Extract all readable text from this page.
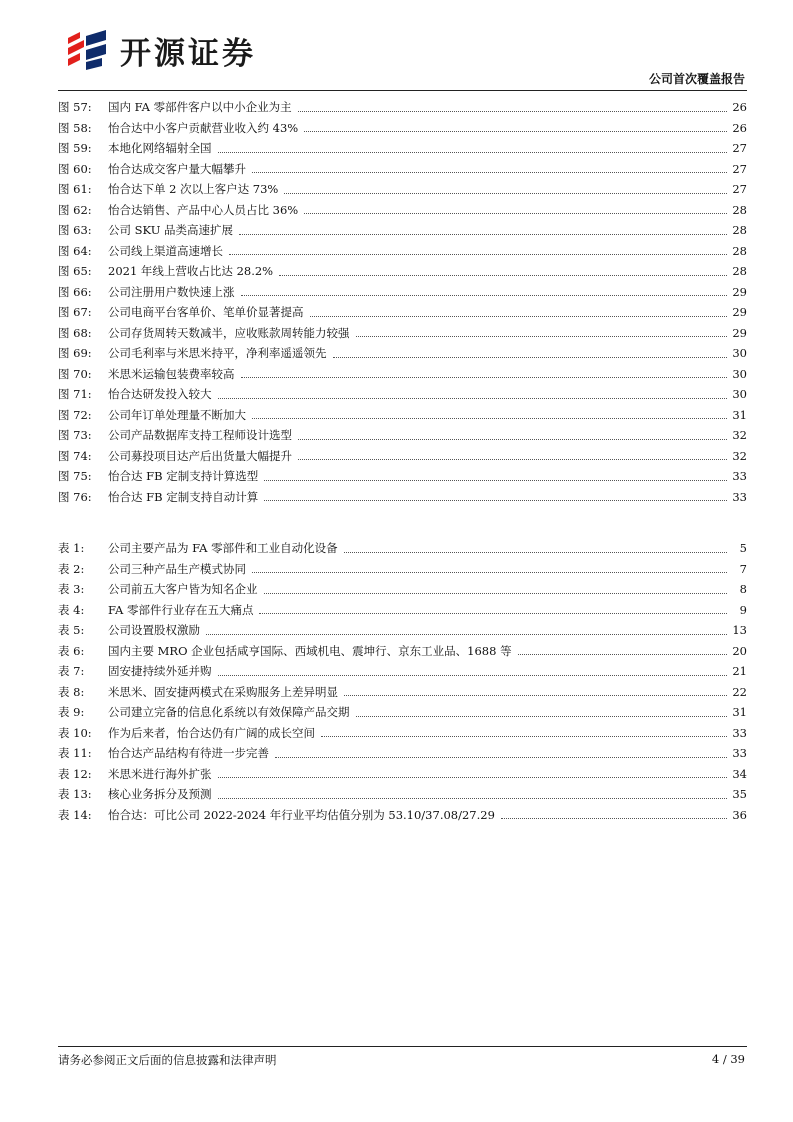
开源证券
公司首次覆盖报告
图 57:	国内 FA 零部件客户以中小企业为主	26
图 58:	怡合达中小客户贡献营业收入约 43%	26
图 59:	本地化网络辐射全国	27
图 60:	怡合达成交客户量大幅攀升	27
图 61:	怡合达下单 2 次以上客户达 73%	27
图 62:	怡合达销售、产品中心人员占比 36%	28
图 63:	公司 SKU 品类高速扩展	28
图 64:	公司线上渠道高速增长	28
图 65:	2021 年线上营收占比达 28.2%	28
图 66:	公司注册用户数快速上涨	29
图 67:	公司电商平台客单价、笔单价显著提高	29
图 68:	公司存货周转天数减半，应收账款周转能力较强	29
图 69:	公司毛利率与米思米持平，净利率遥遥领先	30
图 70:	米思米运输包装费率较高	30
图 71:	怡合达研发投入较大	30
图 72:	公司年订单处理量不断加大	31
图 73:	公司产品数据库支持工程师设计选型	32
图 74:	公司募投项目达产后出货量大幅提升	32
图 75:	怡合达 FB 定制支持计算选型	33
图 76:	怡合达 FB 定制支持自动计算	33
表 1:	公司主要产品为 FA 零部件和工业自动化设备	5
表 2:	公司三种产品生产模式协同	7
表 3:	公司前五大客户皆为知名企业	8
表 4:	FA 零部件行业存在五大痛点	9
表 5:	公司设置股权激励	13
表 6:	国内主要 MRO 企业包括咸亨国际、西域机电、震坤行、京东工业品、1688 等	20
表 7:	固安捷持续外延并购	21
表 8:	米思米、固安捷两模式在采购服务上差异明显	22
表 9:	公司建立完备的信息化系统以有效保障产品交期	31
表 10:	作为后来者，怡合达仍有广阔的成长空间	33
表 11:	怡合达产品结构有待进一步完善	33
表 12:	米思米进行海外扩张	34
表 13:	核心业务拆分及预测	35
表 14:	怡合达：可比公司 2022-2024 年行业平均估值分别为 53.10/37.08/27.29	36
请务必参阅正文后面的信息披露和法律声明	4 / 39
